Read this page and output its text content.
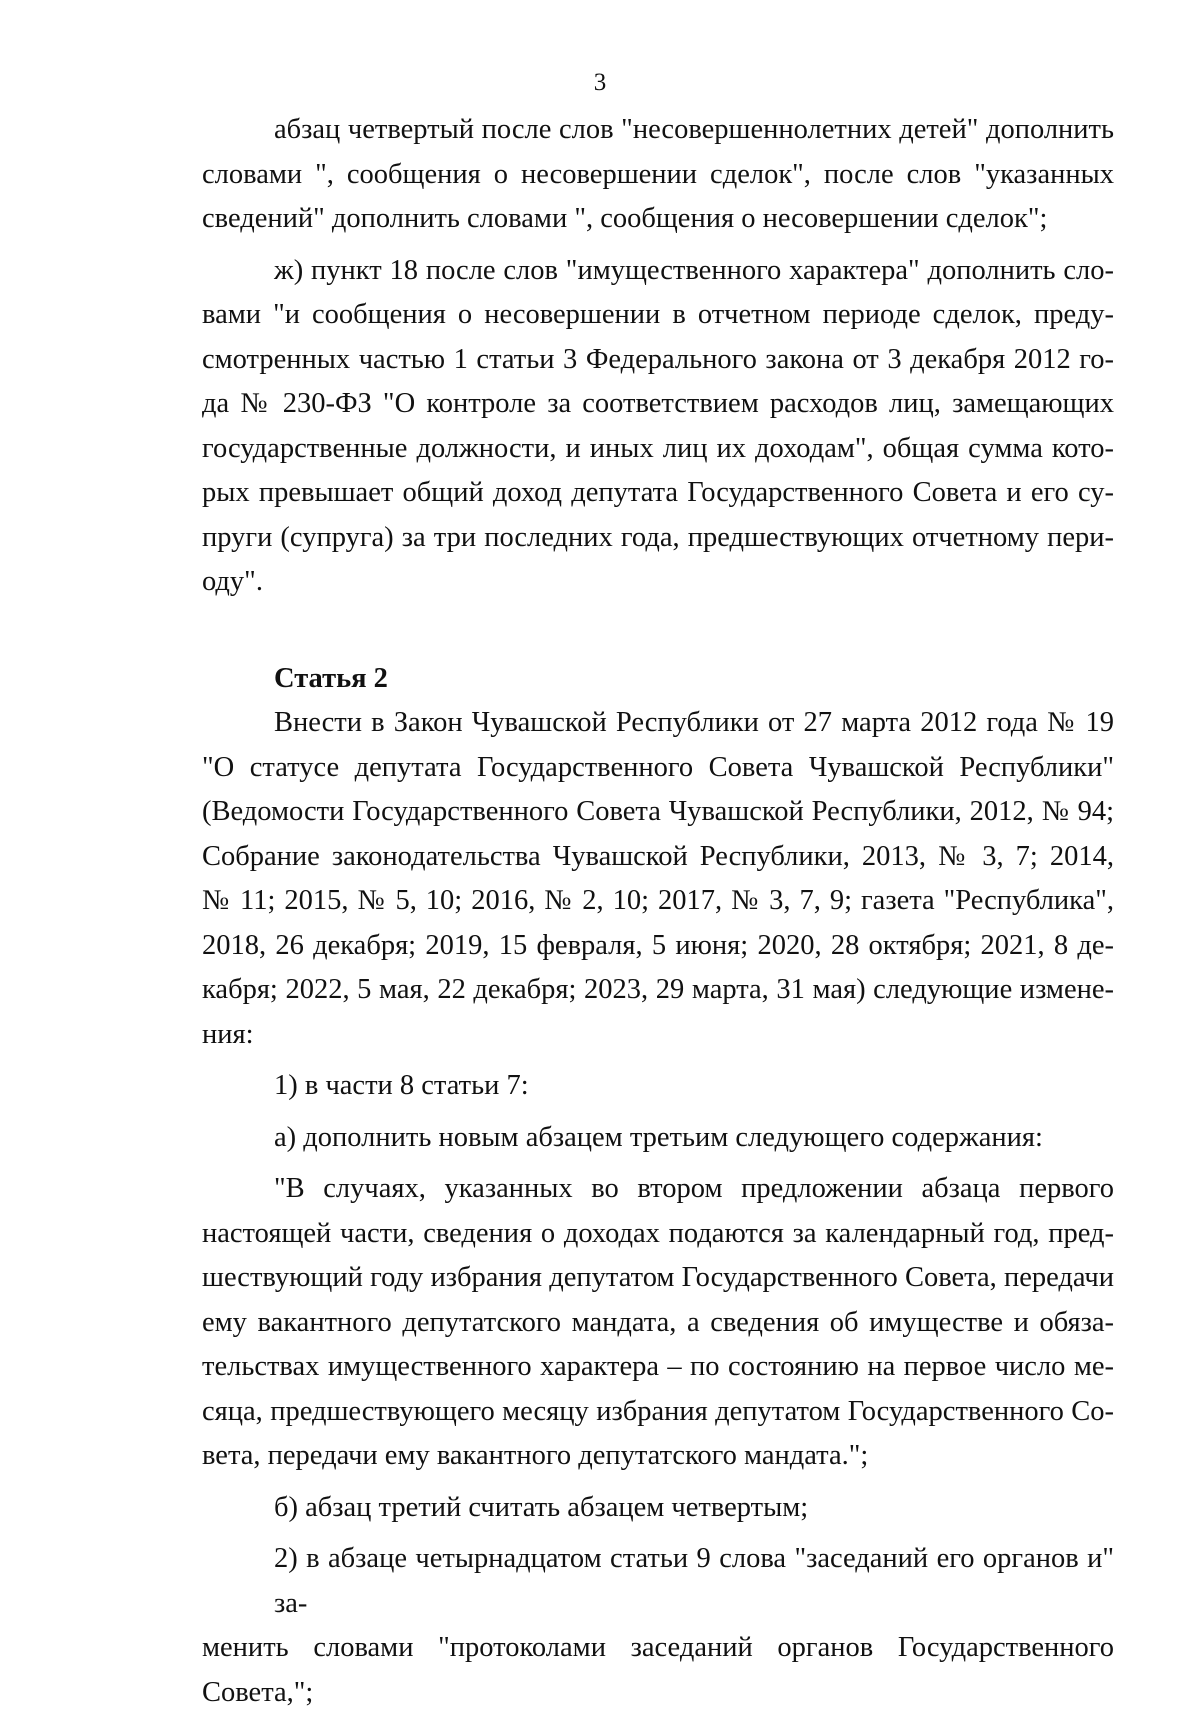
3
абзац четвертый после слов "несовершеннолетних детей" дополнить
словами ", сообщения о несовершении сделок", после слов "указанных
сведений" дополнить словами ", сообщения о несовершении сделок";
ж) пункт 18 после слов "имущественного характера" дополнить сло-
вами "и сообщения о несовершении в отчетном периоде сделок, преду-
смотренных частью 1 статьи 3 Федерального закона от 3 декабря 2012 го-
да № 230-ФЗ "О контроле за соответствием расходов лиц, замещающих
государственные должности, и иных лиц их доходам", общая сумма кото-
рых превышает общий доход депутата Государственного Совета и его су-
пруги (супруга) за три последних года, предшествующих отчетному пери-
оду".
Статья 2
Внести в Закон Чувашской Республики от 27 марта 2012 года № 19
"О статусе депутата Государственного Совета Чувашской Республики"
(Ведомости Государственного Совета Чувашской Республики, 2012, № 94;
Собрание законодательства Чувашской Республики, 2013, № 3, 7; 2014,
№ 11; 2015, № 5, 10; 2016, № 2, 10; 2017, № 3, 7, 9; газета "Республика",
2018, 26 декабря; 2019, 15 февраля, 5 июня; 2020, 28 октября; 2021, 8 де-
кабря; 2022, 5 мая, 22 декабря; 2023, 29 марта, 31 мая) следующие измене-
ния:
1) в части 8 статьи 7:
а) дополнить новым абзацем третьим следующего содержания:
"В случаях, указанных во втором предложении абзаца первого
настоящей части, сведения о доходах подаются за календарный год, пред-
шествующий году избрания депутатом Государственного Совета, передачи
ему вакантного депутатского мандата, а сведения об имуществе и обяза-
тельствах имущественного характера – по состоянию на первое число ме-
сяца, предшествующего месяцу избрания депутатом Государственного Со-
вета, передачи ему вакантного депутатского мандата.";
б) абзац третий считать абзацем четвертым;
2) в абзаце четырнадцатом статьи 9 слова "заседаний его органов и" за-
менить словами "протоколами заседаний органов Государственного Совета,";
